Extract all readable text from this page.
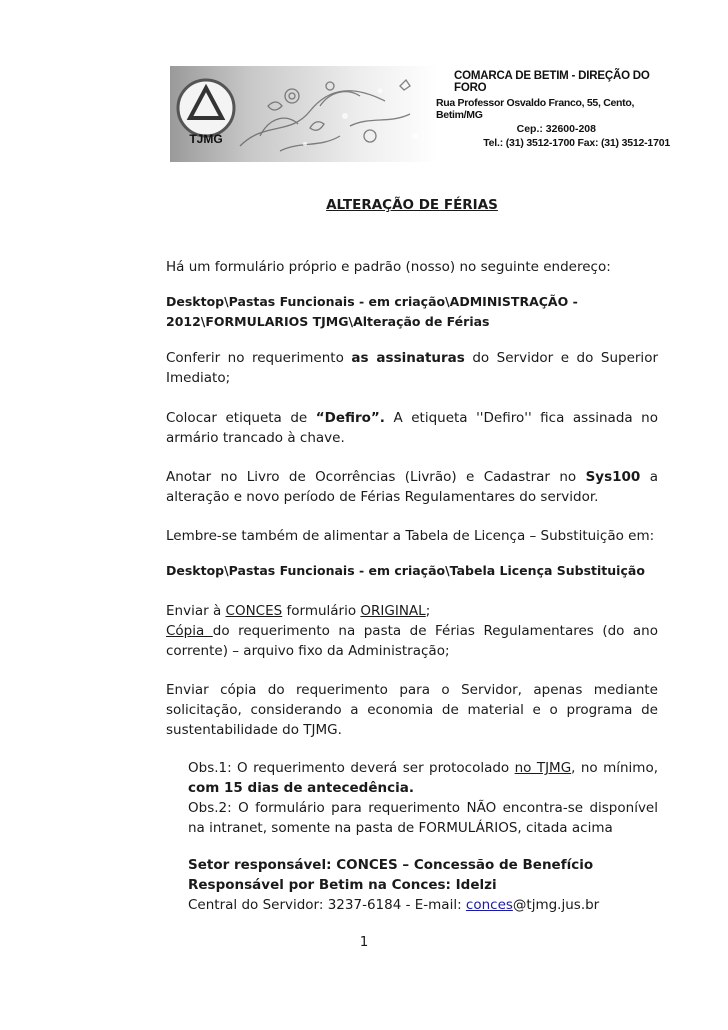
TJMG
COMARCA DE BETIM - DIREÇÃO DO FORO
Rua Professor Osvaldo Franco, 55, Cento, Betim/MG
Cep.: 32600-208
Tel.: (31) 3512-1700 Fax: (31) 3512-1701
ALTERAÇÃO DE FÉRIAS
Há um formulário próprio e padrão (nosso) no seguinte endereço:
Desktop\Pastas Funcionais - em criação\ADMINISTRAÇÃO -
2012\FORMULARIOS TJMG\Alteração de Férias
Conferir no requerimento as assinaturas do Servidor e do Superior Imediato;
Colocar etiqueta de “Defiro”. A etiqueta ''Defiro'' fica assinada no armário trancado à chave.
Anotar no Livro de Ocorrências (Livrão) e Cadastrar no Sys100 a alteração e novo período de Férias Regulamentares do servidor.
Lembre-se também de alimentar a Tabela de Licença – Substituição em:
Desktop\Pastas Funcionais - em criação\Tabela Licença Substituição
Enviar à CONCES formulário ORIGINAL;
Cópia do requerimento na pasta de Férias Regulamentares (do ano corrente) – arquivo fixo da Administração;
Enviar cópia do requerimento para o Servidor, apenas mediante solicitação, considerando a economia de material e o programa de sustentabilidade do TJMG.
Obs.1: O requerimento deverá ser protocolado no TJMG, no mínimo, com 15 dias de antecedência.
Obs.2: O formulário para requerimento NÃO encontra-se disponível na intranet, somente na pasta de FORMULÁRIOS, citada acima
Setor responsável: CONCES – Concessão de Benefício
Responsável por Betim na Conces: Idelzi
Central do Servidor: 3237-6184 - E-mail: conces@tjmg.jus.br
1
